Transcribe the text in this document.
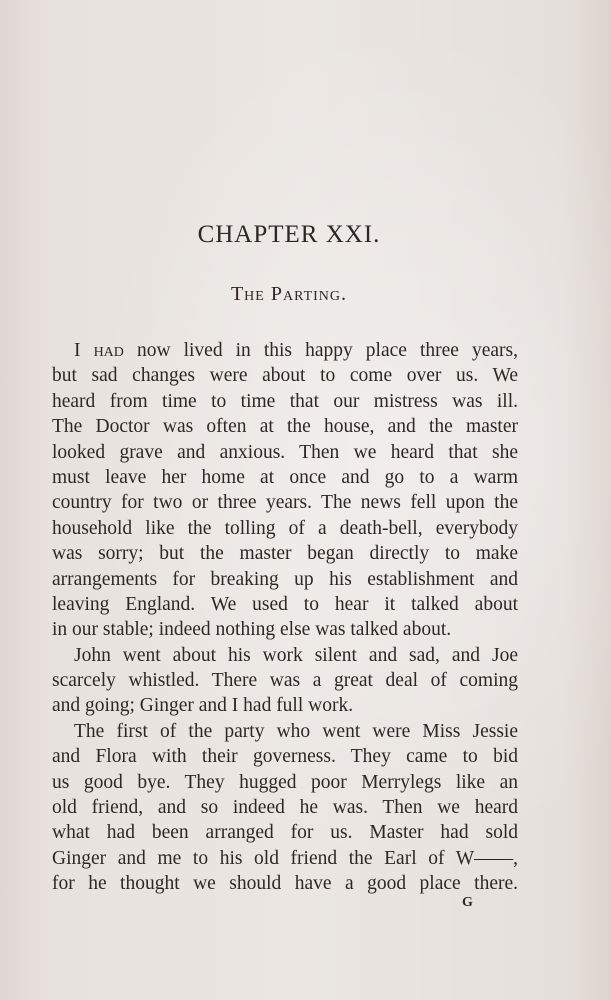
CHAPTER XXI.
The Parting.
I had now lived in this happy place three years,
but sad changes were about to come over us. We
heard from time to time that our mistress was ill.
The Doctor was often at the house, and the master
looked grave and anxious. Then we heard that she
must leave her home at once and go to a warm
country for two or three years. The news fell upon the
household like the tolling of a death-bell, everybody
was sorry; but the master began directly to make
arrangements for breaking up his establishment and
leaving England. We used to hear it talked about
in our stable; indeed nothing else was talked about.
John went about his work silent and sad, and Joe
scarcely whistled. There was a great deal of coming
and going; Ginger and I had full work.
The first of the party who went were Miss Jessie
and Flora with their governess. They came to bid
us good bye. They hugged poor Merrylegs like an
old friend, and so indeed he was. Then we heard
what had been arranged for us. Master had sold
Ginger and me to his old friend the Earl of W——,
for he thought we should have a good place there.
G
